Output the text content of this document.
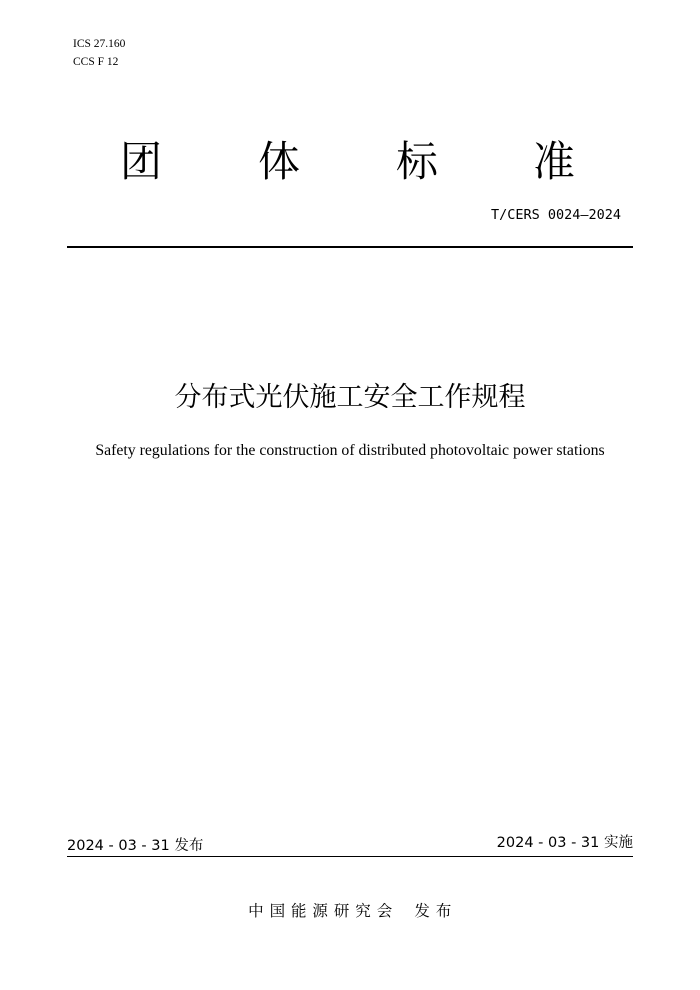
ICS 27.160
CCS F 12
团 体 标 准
T/CERS 0024—2024
分布式光伏施工安全工作规程
Safety regulations for the construction of distributed photovoltaic power stations
2024 - 03 - 31 发布	2024 - 03 - 31 实施
中 国 能 源 研 究 会    发 布
